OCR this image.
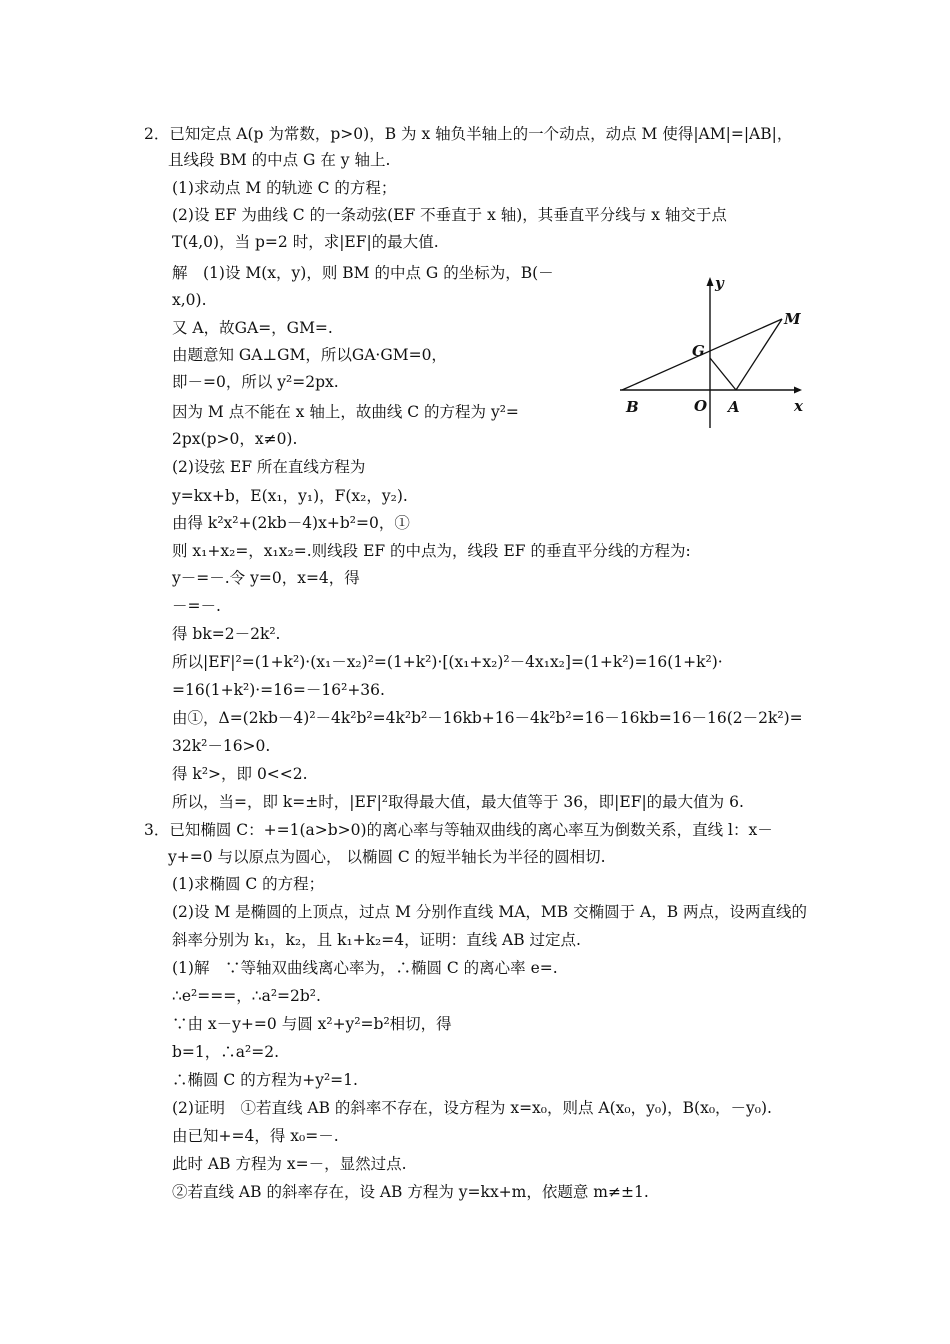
2．已知定点 A(p 为常数，p>0)，B 为 x 轴负半轴上的一个动点，动点 M 使得|AM|=|AB|，
且线段 BM 的中点 G 在 y 轴上.
(1)求动点 M 的轨迹 C 的方程；
(2)设 EF 为曲线 C 的一条动弦(EF 不垂直于 x 轴)，其垂直平分线与 x 轴交于点
T(4,0)，当 p=2 时，求|EF|的最大值.
解　(1)设 M(x，y)，则 BM 的中点 G 的坐标为，B(－
x,0).
又 A，故GA=，GM=.
由题意知 GA⊥GM，所以GA·GM=0，
即－=0，所以 y²=2px.
因为 M 点不能在 x 轴上，故曲线 C 的方程为 y²=
2px(p>0，x≠0).
(2)设弦 EF 所在直线方程为
y=kx+b，E(x₁，y₁)，F(x₂，y₂).
由得 k²x²+(2kb－4)x+b²=0，①
则 x₁+x₂=，x₁x₂=.则线段 EF 的中点为，线段 EF 的垂直平分线的方程为:
y－=－.令 y=0，x=4，得
－=－.
得 bk=2－2k².
所以|EF|²=(1+k²)·(x₁－x₂)²=(1+k²)·[(x₁+x₂)²－4x₁x₂]=(1+k²)=16(1+k²)·
=16(1+k²)·=16=－16²+36.
由①，Δ=(2kb－4)²－4k²b²=4k²b²－16kb+16－4k²b²=16－16kb=16－16(2－2k²)=
32k²－16>0.
得 k²>，即 0<<2.
所以，当=，即 k=±时，|EF|²取得最大值，最大值等于 36，即|EF|的最大值为 6.
y
x
M
G
B	O A
3．已知椭圆 C：+=1(a>b>0)的离心率与等轴双曲线的离心率互为倒数关系，直线 l：x－
y+=0 与以原点为圆心， 以椭圆 C 的短半轴长为半径的圆相切.
(1)求椭圆 C 的方程；
(2)设 M 是椭圆的上顶点，过点 M 分别作直线 MA，MB 交椭圆于 A，B 两点，设两直线的
斜率分别为 k₁，k₂，且 k₁+k₂=4，证明：直线 AB 过定点.
(1)解　∵等轴双曲线离心率为，∴椭圆 C 的离心率 e=.
∴e²===，∴a²=2b².
∵由 x－y+=0 与圆 x²+y²=b²相切，得
b=1，∴a²=2.
∴椭圆 C 的方程为+y²=1.
(2)证明　①若直线 AB 的斜率不存在，设方程为 x=x₀，则点 A(x₀，y₀)，B(x₀，－y₀).
由已知+=4，得 x₀=－.
此时 AB 方程为 x=－，显然过点.
②若直线 AB 的斜率存在，设 AB 方程为 y=kx+m，依题意 m≠±1.
